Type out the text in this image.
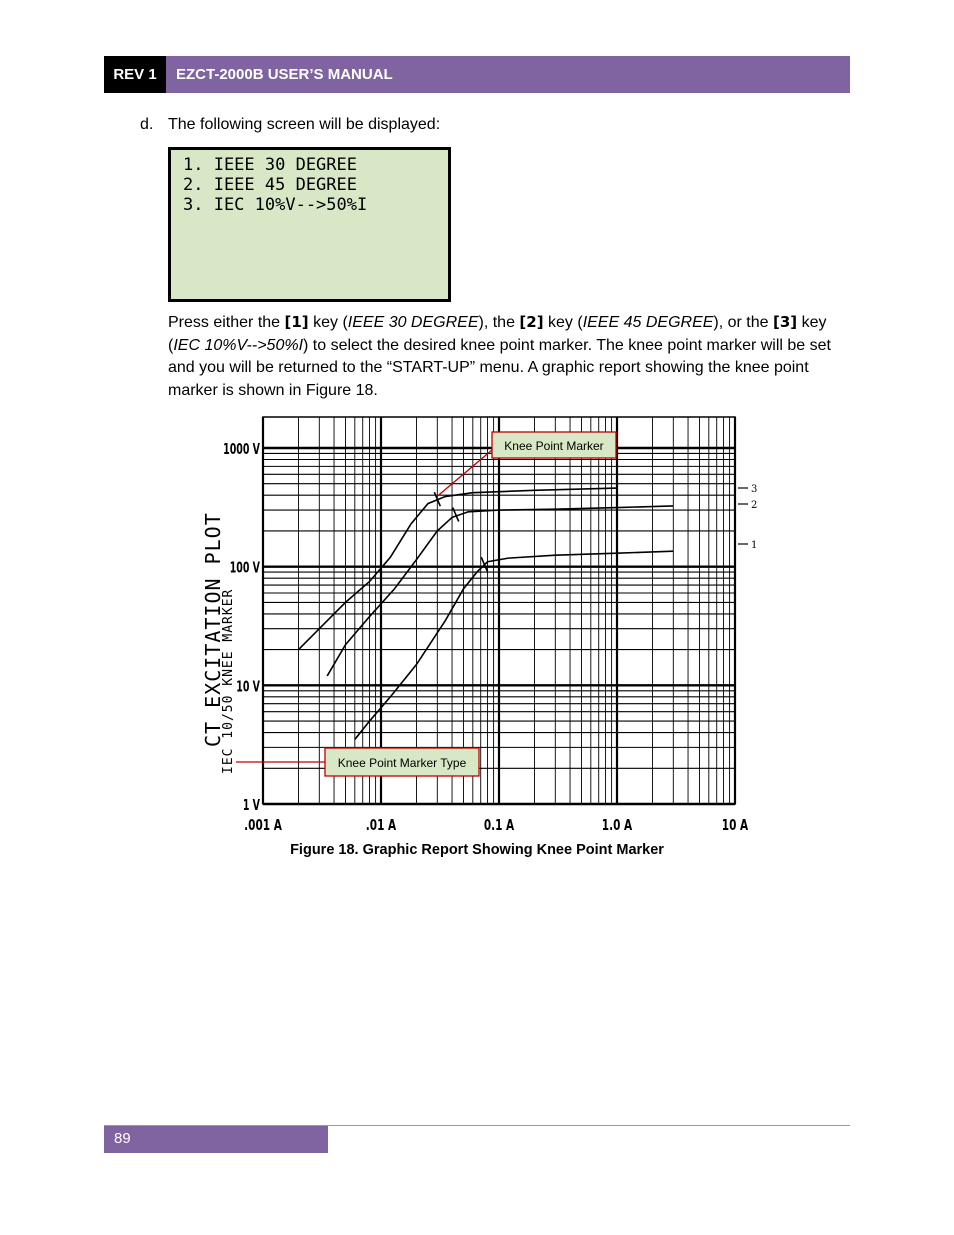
REV 1	EZCT-2000B USER’S MANUAL
d. The following screen will be displayed:
1. IEEE 30 DEGREE
2. IEEE 45 DEGREE
3. IEC 10%V-->50%I
Press either the [1] key (IEEE 30 DEGREE), the [2] key (IEEE 45 DEGREE), or the [3] key (IEC 10%V-->50%I) to select the desired knee point marker. The knee point marker will be set and you will be returned to the “START-UP” menu. A graphic report showing the knee point marker is shown in Figure 18.
1000 V
100 V
10 V
1 V
.001 A	.01 A	0.1 A	1.0 A	10 A
CT EXCITATION PLOT
IEC 10/50 KNEE MARKER
1
2
3
Knee Point Marker
Knee Point Marker Type
Figure 18. Graphic Report Showing Knee Point Marker
89
